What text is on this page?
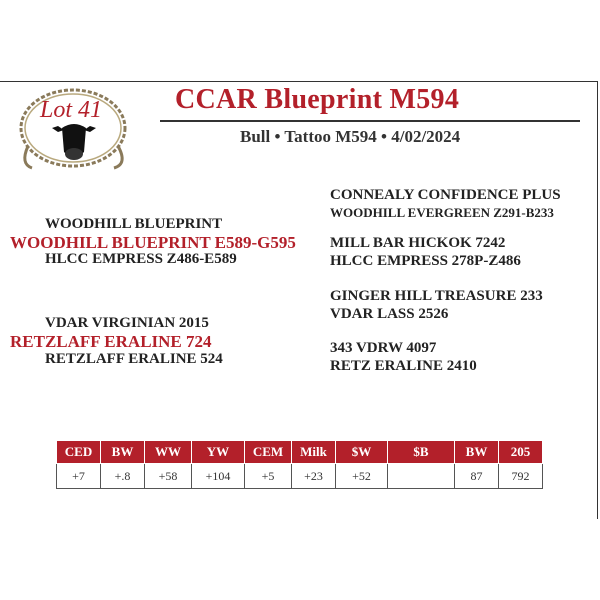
Lot 41	CCAR Blueprint M594
Bull • Tattoo M594 • 4/02/2024
WOODHILL BLUEPRINT
WOODHILL BLUEPRINT E589-G595
HLCC EMPRESS Z486-E589
VDAR VIRGINIAN 2015
RETZLAFF ERALINE 724
RETZLAFF ERALINE 524
CONNEALY CONFIDENCE PLUS
WOODHILL EVERGREEN Z291-B233
MILL BAR HICKOK 7242
HLCC EMPRESS 278P-Z486
GINGER HILL TREASURE 233
VDAR LASS 2526
343 VDRW 4097
RETZ ERALINE 2410
CED	BW	WW	YW	CEM	Milk	$W	$B	BW	205
+7	+.8	+58	+104	+5	+23	+52		87	792
